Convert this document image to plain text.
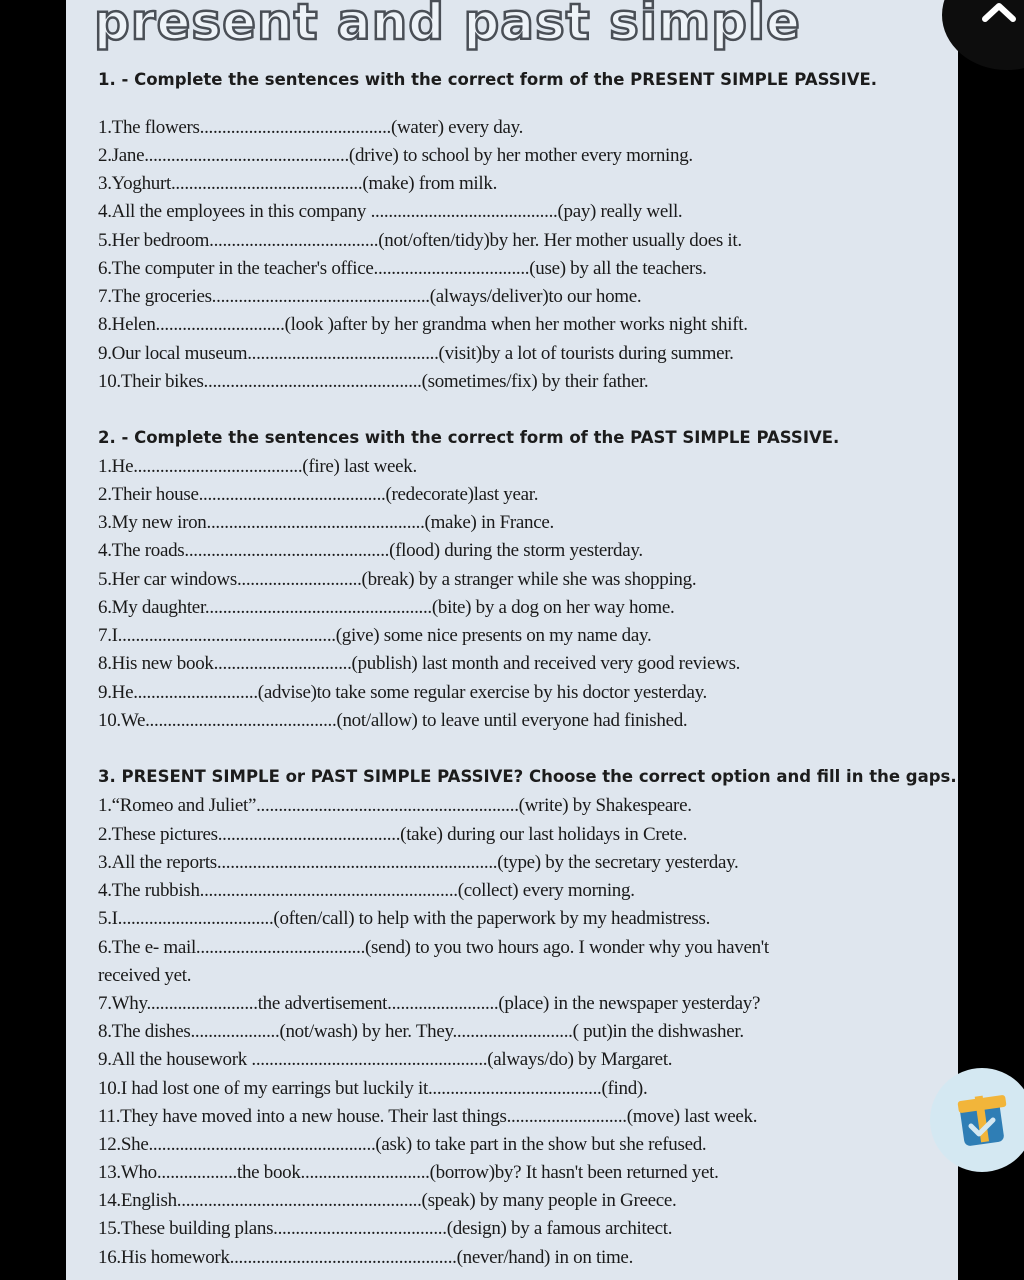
present and past simple
1. - Complete the sentences with the correct form of the PRESENT SIMPLE PASSIVE.
1.The flowers...........................................(water) every day.
2.Jane..............................................(drive) to school by her mother every morning.
3.Yoghurt...........................................(make) from milk.
4.All the employees in this company ..........................................(pay) really well.
5.Her bedroom......................................(not/often/tidy)by her. Her mother usually does it.
6.The computer in the teacher's office...................................(use) by all the teachers.
7.The groceries.................................................(always/deliver)to our home.
8.Helen.............................(look )after by her grandma when her mother works night shift.
9.Our local museum...........................................(visit)by a lot of tourists during summer.
10.Their bikes.................................................(sometimes/fix) by their father.
2. - Complete the sentences with the correct form of the PAST SIMPLE PASSIVE.
1.He......................................(fire) last week.
2.Their house..........................................(redecorate)last year.
3.My new iron.................................................(make) in France.
4.The roads..............................................(flood) during the storm yesterday.
5.Her car windows............................(break) by a stranger while she was shopping.
6.My daughter...................................................(bite) by a dog on her way home.
7.I.................................................(give) some nice presents on my name day.
8.His new book...............................(publish) last month and received very good reviews.
9.He............................(advise)to take some regular exercise by his doctor yesterday.
10.We...........................................(not/allow) to leave until everyone had finished.
3. PRESENT SIMPLE or PAST SIMPLE PASSIVE? Choose the correct option and fill in the gaps.
1.“Romeo and Juliet”...........................................................(write) by Shakespeare.
2.These pictures.........................................(take) during our last holidays in Crete.
3.All the reports...............................................................(type) by the secretary yesterday.
4.The rubbish..........................................................(collect) every morning.
5.I...................................(often/call) to help with the paperwork by my headmistress.
6.The e- mail......................................(send) to you two hours ago. I wonder why you haven't
received yet.
7.Why.........................the advertisement.........................(place) in the newspaper yesterday?
8.The dishes....................(not/wash) by her. They...........................( put)in the dishwasher.
9.All the housework .....................................................(always/do) by Margaret.
10.I had lost one of my earrings but luckily it.......................................(find).
11.They have moved into a new house. Their last things...........................(move) last week.
12.She...................................................(ask) to take part in the show but she refused.
13.Who..................the book.............................(borrow)by? It hasn't been returned yet.
14.English.......................................................(speak) by many people in Greece.
15.These building plans.......................................(design) by a famous architect.
16.His homework...................................................(never/hand) in on time.
